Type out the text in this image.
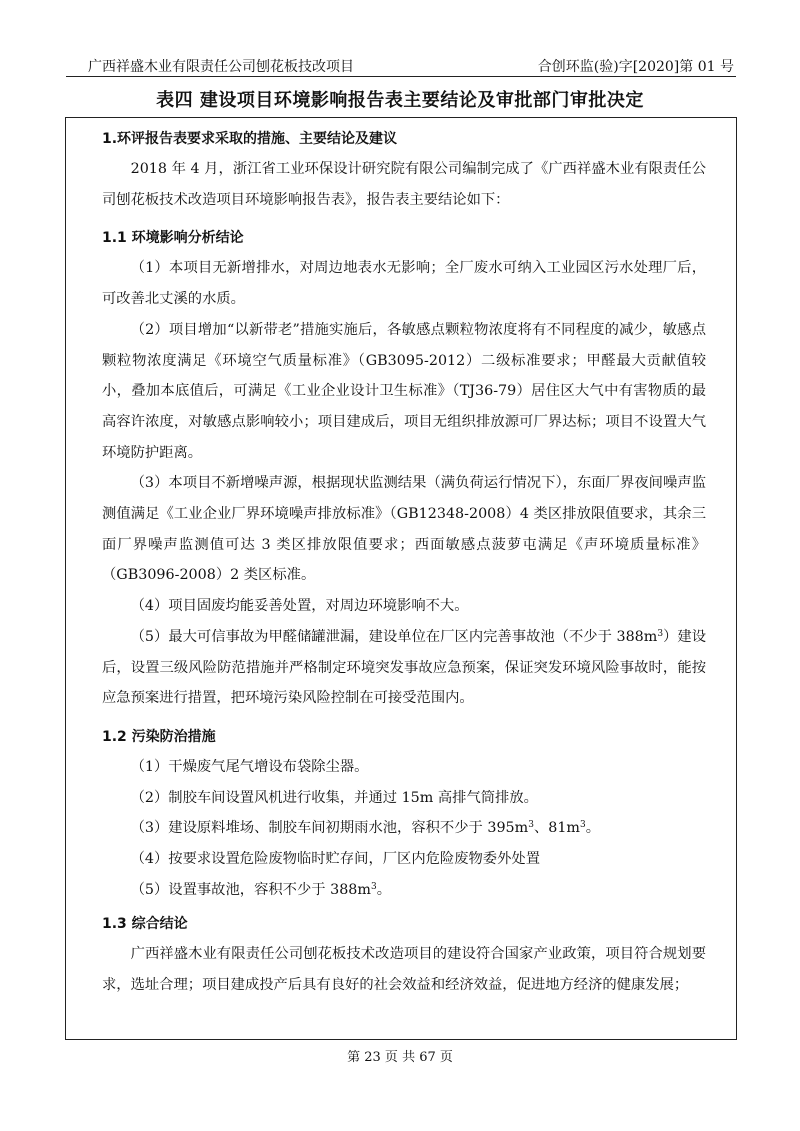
广西祥盛木业有限责任公司刨花板技改项目	合创环监(验)字[2020]第 01 号
表四 建设项目环境影响报告表主要结论及审批部门审批决定

1.环评报告表要求采取的措施、主要结论及建议

2018 年 4 月，浙江省工业环保设计研究院有限公司编制完成了《广西祥盛木业有限责任公司刨花板技术改造项目环境影响报告表》，报告表主要结论如下：

1.1 环境影响分析结论

（1）本项目无新增排水，对周边地表水无影响；全厂废水可纳入工业园区污水处理厂后，可改善北丈溪的水质。

（2）项目增加“以新带老”措施实施后，各敏感点颗粒物浓度将有不同程度的减少，敏感点颗粒物浓度满足《环境空气质量标准》（GB3095-2012）二级标准要求；甲醛最大贡献值较小，叠加本底值后，可满足《工业企业设计卫生标准》（TJ36-79）居住区大气中有害物质的最高容许浓度，对敏感点影响较小；项目建成后，项目无组织排放源可厂界达标；项目不设置大气环境防护距离。

（3）本项目不新增噪声源，根据现状监测结果（满负荷运行情况下），东面厂界夜间噪声监测值满足《工业企业厂界环境噪声排放标准》（GB12348-2008）4 类区排放限值要求，其余三面厂界噪声监测值可达 3 类区排放限值要求；西面敏感点菠萝屯满足《声环境质量标准》（GB3096-2008）2 类区标准。

（4）项目固废均能妥善处置，对周边环境影响不大。

（5）最大可信事故为甲醛储罐泄漏，建设单位在厂区内完善事故池（不少于 $388m^3$）建设后，设置三级风险防范措施并严格制定环境突发事故应急预案，保证突发环境风险事故时，能按应急预案进行措置，把环境污染风险控制在可接受范围内。

1.2 污染防治措施

（1）干燥废气尾气增设布袋除尘器。

（2）制胶车间设置风机进行收集，并通过 15m 高排气筒排放。

（3）建设原料堆场、制胶车间初期雨水池，容积不少于 $395m^3$、$81m^3$。

（4）按要求设置危险废物临时贮存间，厂区内危险废物委外处置

（5）设置事故池，容积不少于 $388m^3$。

1.3 综合结论

广西祥盛木业有限责任公司刨花板技术改造项目的建设符合国家产业政策，项目符合规划要求，选址合理；项目建成投产后具有良好的社会效益和经济效益，促进地方经济的健康发展；

第 23 页 共 67 页
